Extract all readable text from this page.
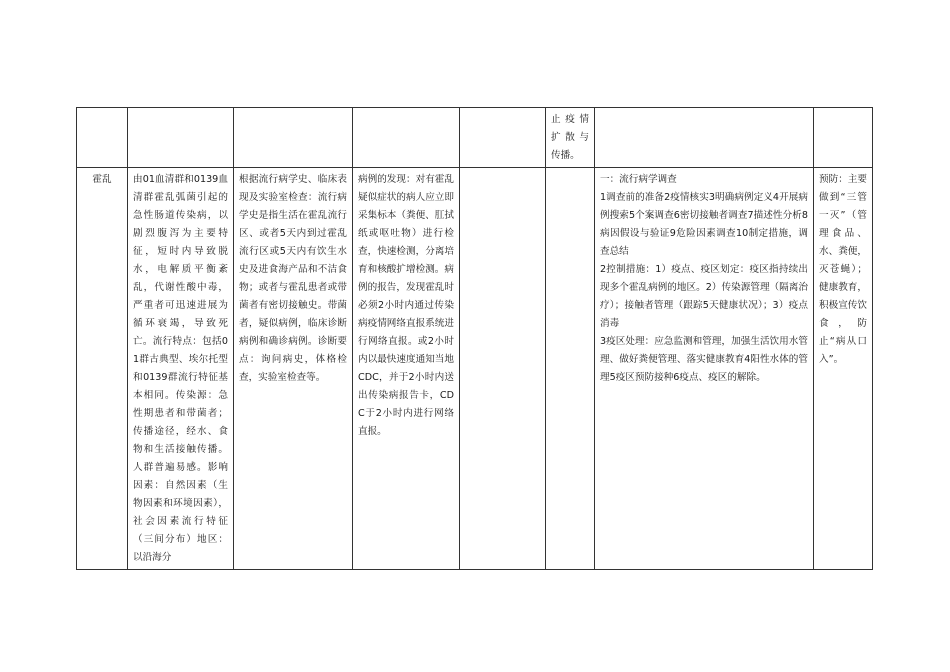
					止疫情扩散与传播。		
霍乱	由01血清群和0139血清群霍乱弧菌引起的急性肠道传染病，以剧烈腹泻为主要特征，短时内导致脱水，电解质平衡紊乱，代谢性酸中毒，严重者可迅速进展为循环衰竭，导致死亡。流行特点：包括01群古典型、埃尔托型和0139群流行特征基本相同。传染源：急性期患者和带菌者；传播途径，经水、食物和生活接触传播。人群普遍易感。影响因素：自然因素（生物因素和环境因素），社会因素流行特征（三间分布）地区：以沿海分	根据流行病学史、临床表现及实验室检查：流行病学史是指生活在霍乱流行区、或者5天内到过霍乱流行区或5天内有饮生水史及进食海产品和不洁食物；或者与霍乱患者或带菌者有密切接触史。带菌者，疑似病例，临床诊断病例和确诊病例。诊断要点：询问病史，体格检查，实验室检查等。	病例的发现：对有霍乱疑似症状的病人应立即采集标本（粪便、肛拭纸或呕吐物）进行检查，快速检测，分离培育和核酸扩增检测。病例的报告，发现霍乱时必须2小时内通过传染病疫情网络直报系统进行网络直报。或2小时内以最快速度通知当地CDC，并于2小时内送出传染病报告卡，CDC于2小时内进行网络直报。			一：流行病学调查
1调查前的准备2疫情核实3明确病例定义4开展病例搜索5个案调查6密切接触者调查7描述性分析8病因假设与验证9危险因素调查10制定措施，调查总结
2控制措施：1）疫点、疫区划定：疫区指持续出现多个霍乱病例的地区。2）传染源管理（隔离治疗）；接触者管理（跟踪5天健康状况）；3）疫点消毒
3疫区处理：应急监测和管理，加强生活饮用水管理、做好粪便管理、落实健康教育4阳性水体的管理5疫区预防接种6疫点、疫区的解除。	预防：主要做到“三管一灭”（管理食品、水、粪便，灭苍蝇）；健康教育，积极宣传饮食，防止“病从口入”。
